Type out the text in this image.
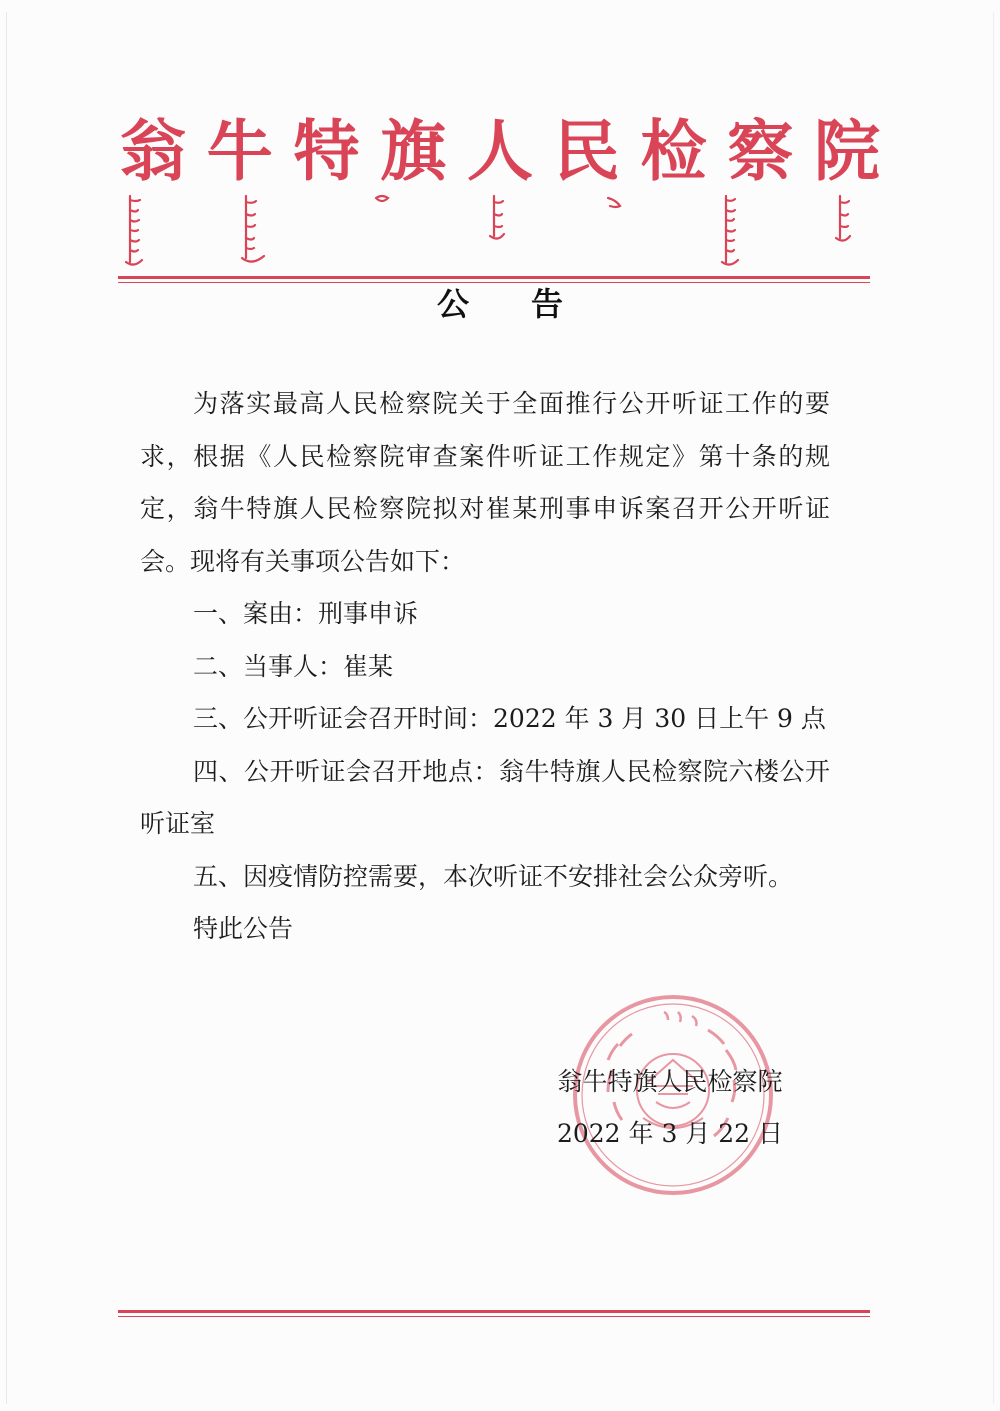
翁 牛 特 旗 人 民 检 察 院
公告

为落实最高人民检察院关于全面推行公开听证工作的要求，根据《人民检察院审查案件听证工作规定》第十条的规定，翁牛特旗人民检察院拟对崔某刑事申诉案召开公开听证会。现将有关事项公告如下：

一、案由：刑事申诉

二、当事人：崔某

三、公开听证会召开时间：2022 年 3 月 30 日上午 9 点

四、公开听证会召开地点：翁牛特旗人民检察院六楼公开听证室

五、因疫情防控需要，本次听证不安排社会公众旁听。

特此公告

翁牛特旗人民检察院
2022 年 3 月 22 日
